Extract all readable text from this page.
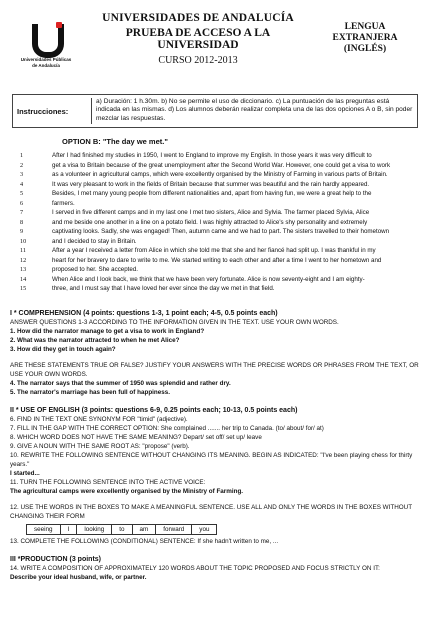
Universidades Públicas
de Andalucía
UNIVERSIDADES DE ANDALUCÍA
PRUEBA DE ACCESO A LA UNIVERSIDAD
CURSO 2012-2013
LENGUA
EXTRANJERA
(INGLÉS)
Instrucciones:
a) Duración: 1 h.30m. b) No se permite el uso de diccionario. c) La puntuación de las preguntas está indicada en las mismas. d) Los alumnos deberán realizar completa una de las dos opciones A o B, sin poder mezclar las respuestas.
OPTION B: "The day we met."
1	After I had finished my studies in 1950, I went to England to improve my English. In those years it was very difficult to
2	get a visa to Britain because of the great unemployment after the Second World War. However, one could get a visa to work
3	as a volunteer in agricultural camps, which were excellently organised by the Ministry of Farming in various parts of Britain.
4	It was very pleasant to work in the fields of Britain because that summer was beautiful and the rain hardly appeared.
5	Besides, I met many young people from different nationalities and, apart from having fun, we were a great help to the
6	farmers.
7	I served in five different camps and in my last one I met two sisters, Alice and Sylvia. The farmer placed Sylvia, Alice
8	and me beside one another in a line on a potato field. I was highly attracted to Alice's shy personality and extremely
9	captivating looks. Sadly, she was engaged! Then, autumn came and we had to part. The sisters travelled to their hometown
10	and I decided to stay in Britain.
11	After a year I received a letter from Alice in which she told me that she and her fiancé had split up. I was thankful in my
12	heart for her bravery to dare to write to me. We started writing to each other and after a time I went to her hometown and
13	proposed to her. She accepted.
14	When Alice and I look back, we think that we have been very fortunate. Alice is now seventy-eight and I am eighty-
15	three, and I must say that I have loved her ever since the day we met in that field.
I * COMPREHENSION (4 points: questions 1-3, 1 point each; 4-5, 0.5 points each)
ANSWER QUESTIONS 1-3 ACCORDING TO THE INFORMATION GIVEN IN THE TEXT. USE YOUR OWN WORDS.
1. How did the narrator manage to get a visa to work in England?
2. What was the narrator attracted to when he met Alice?
3. How did they get in touch again?
ARE THESE STATEMENTS TRUE OR FALSE? JUSTIFY YOUR ANSWERS WITH THE PRECISE WORDS OR PHRASES FROM THE TEXT, OR USE YOUR OWN WORDS.
4. The narrator says that the summer of 1950 was splendid and rather dry.
5. The narrator's marriage has been full of happiness.
II * USE OF ENGLISH (3 points: questions 6-9, 0.25 points each; 10-13, 0.5 points each)
6. FIND IN THE TEXT ONE SYNONYM FOR "timid" (adjective).
7. FILL IN THE GAP WITH THE CORRECT OPTION: She complained ....... her trip to Canada. (to/ about/ for/ at)
8. WHICH WORD DOES NOT HAVE THE SAME MEANING? Depart/ set off/ set up/ leave
9. GIVE A NOUN WITH THE SAME ROOT AS: "propose" (verb).
10. REWRITE THE FOLLOWING SENTENCE WITHOUT CHANGING ITS MEANING. BEGIN AS INDICATED: "I've been playing chess for thirty years."
I started...
11. TURN THE FOLLOWING SENTENCE INTO THE ACTIVE VOICE:
The agricultural camps were excellently organised by the Ministry of Farming.
12. USE THE WORDS IN THE BOXES TO MAKE A MEANINGFUL SENTENCE. USE ALL AND ONLY THE WORDS IN THE BOXES WITHOUT CHANGING THEIR FORM
seeing	I	looking	to	am	forward	you
13. COMPLETE THE FOLLOWING (CONDITIONAL) SENTENCE: If she hadn't written to me, ...
III *PRODUCTION (3 points)
14. WRITE A COMPOSITION OF APPROXIMATELY 120 WORDS ABOUT THE TOPIC PROPOSED AND FOCUS STRICTLY ON IT:
Describe your ideal husband, wife, or partner.
